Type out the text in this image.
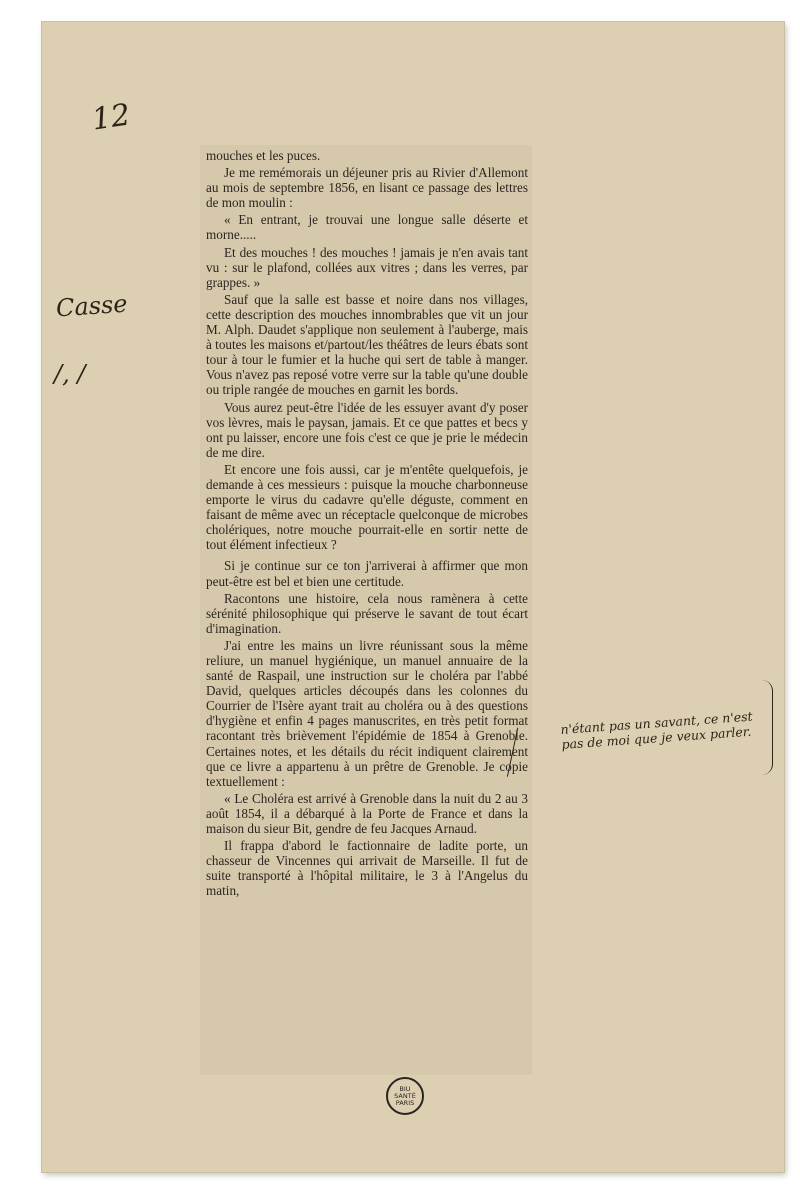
12
Casse
/, /

mouches et les puces.

Je me remémorais un déjeuner pris au Rivier d'Allemont au mois de septembre 1856, en lisant ce passage des lettres de mon moulin :

« En entrant, je trouvai une longue salle déserte et morne.....

Et des mouches ! des mouches ! jamais je n'en avais tant vu : sur le plafond, collées aux vitres ; dans les verres, par grappes. »

Sauf que la salle est basse et noire dans nos villages, cette description des mouches innombrables que vit un jour M. Alph. Daudet s'applique non seulement à l'auberge, mais à toutes les maisons et/partout/les théâtres de leurs ébats sont tour à tour le fumier et la huche qui sert de table à manger. Vous n'avez pas reposé votre verre sur la table qu'une double ou triple rangée de mouches en garnit les bords.

Vous aurez peut-être l'idée de les essuyer avant d'y poser vos lèvres, mais le paysan, jamais. Et ce que pattes et becs y ont pu laisser, encore une fois c'est ce que je prie le médecin de me dire.

Et encore une fois aussi, car je m'entête quelquefois, je demande à ces messieurs : puisque la mouche charbonneuse emporte le virus du cadavre qu'elle déguste, comment en faisant de même avec un réceptacle quelconque de microbes cholériques, notre mouche pourrait-elle en sortir nette de tout élément infectieux ?

Si je continue sur ce ton j'arriverai à affirmer que mon peut-être est bel et bien une certitude.

Racontons une histoire, cela nous ramènera à cette sérénité philosophique qui préserve le savant de tout écart d'imagination.

J'ai entre les mains un livre réunissant sous la même reliure, un manuel hygiénique, un manuel annuaire de la santé de Raspail, une instruction sur le choléra par l'abbé David, quelques articles découpés dans les colonnes du Courrier de l'Isère ayant trait au choléra ou à des questions d'hygiène et enfin 4 pages manuscrites, en très petit format racontant très brièvement l'épidémie de 1854 à Grenoble. Certaines notes, et les détails du récit indiquent clairement que ce livre a appartenu à un prêtre de Grenoble. Je copie textuellement :

« Le Choléra est arrivé à Grenoble dans la nuit du 2 au 3 août 1854, il a débarqué à la Porte de France et dans la maison du sieur Bit, gendre de feu Jacques Arnaud.

Il frappa d'abord le factionnaire de ladite porte, un chasseur de Vincennes qui arrivait de Marseille. Il fut de suite transporté à l'hôpital militaire, le 3 à l'Angelus du matin,

n'étant pas un savant, ce n'est pas de moi que je veux parler.
BIU
SANTÉ
PARIS
